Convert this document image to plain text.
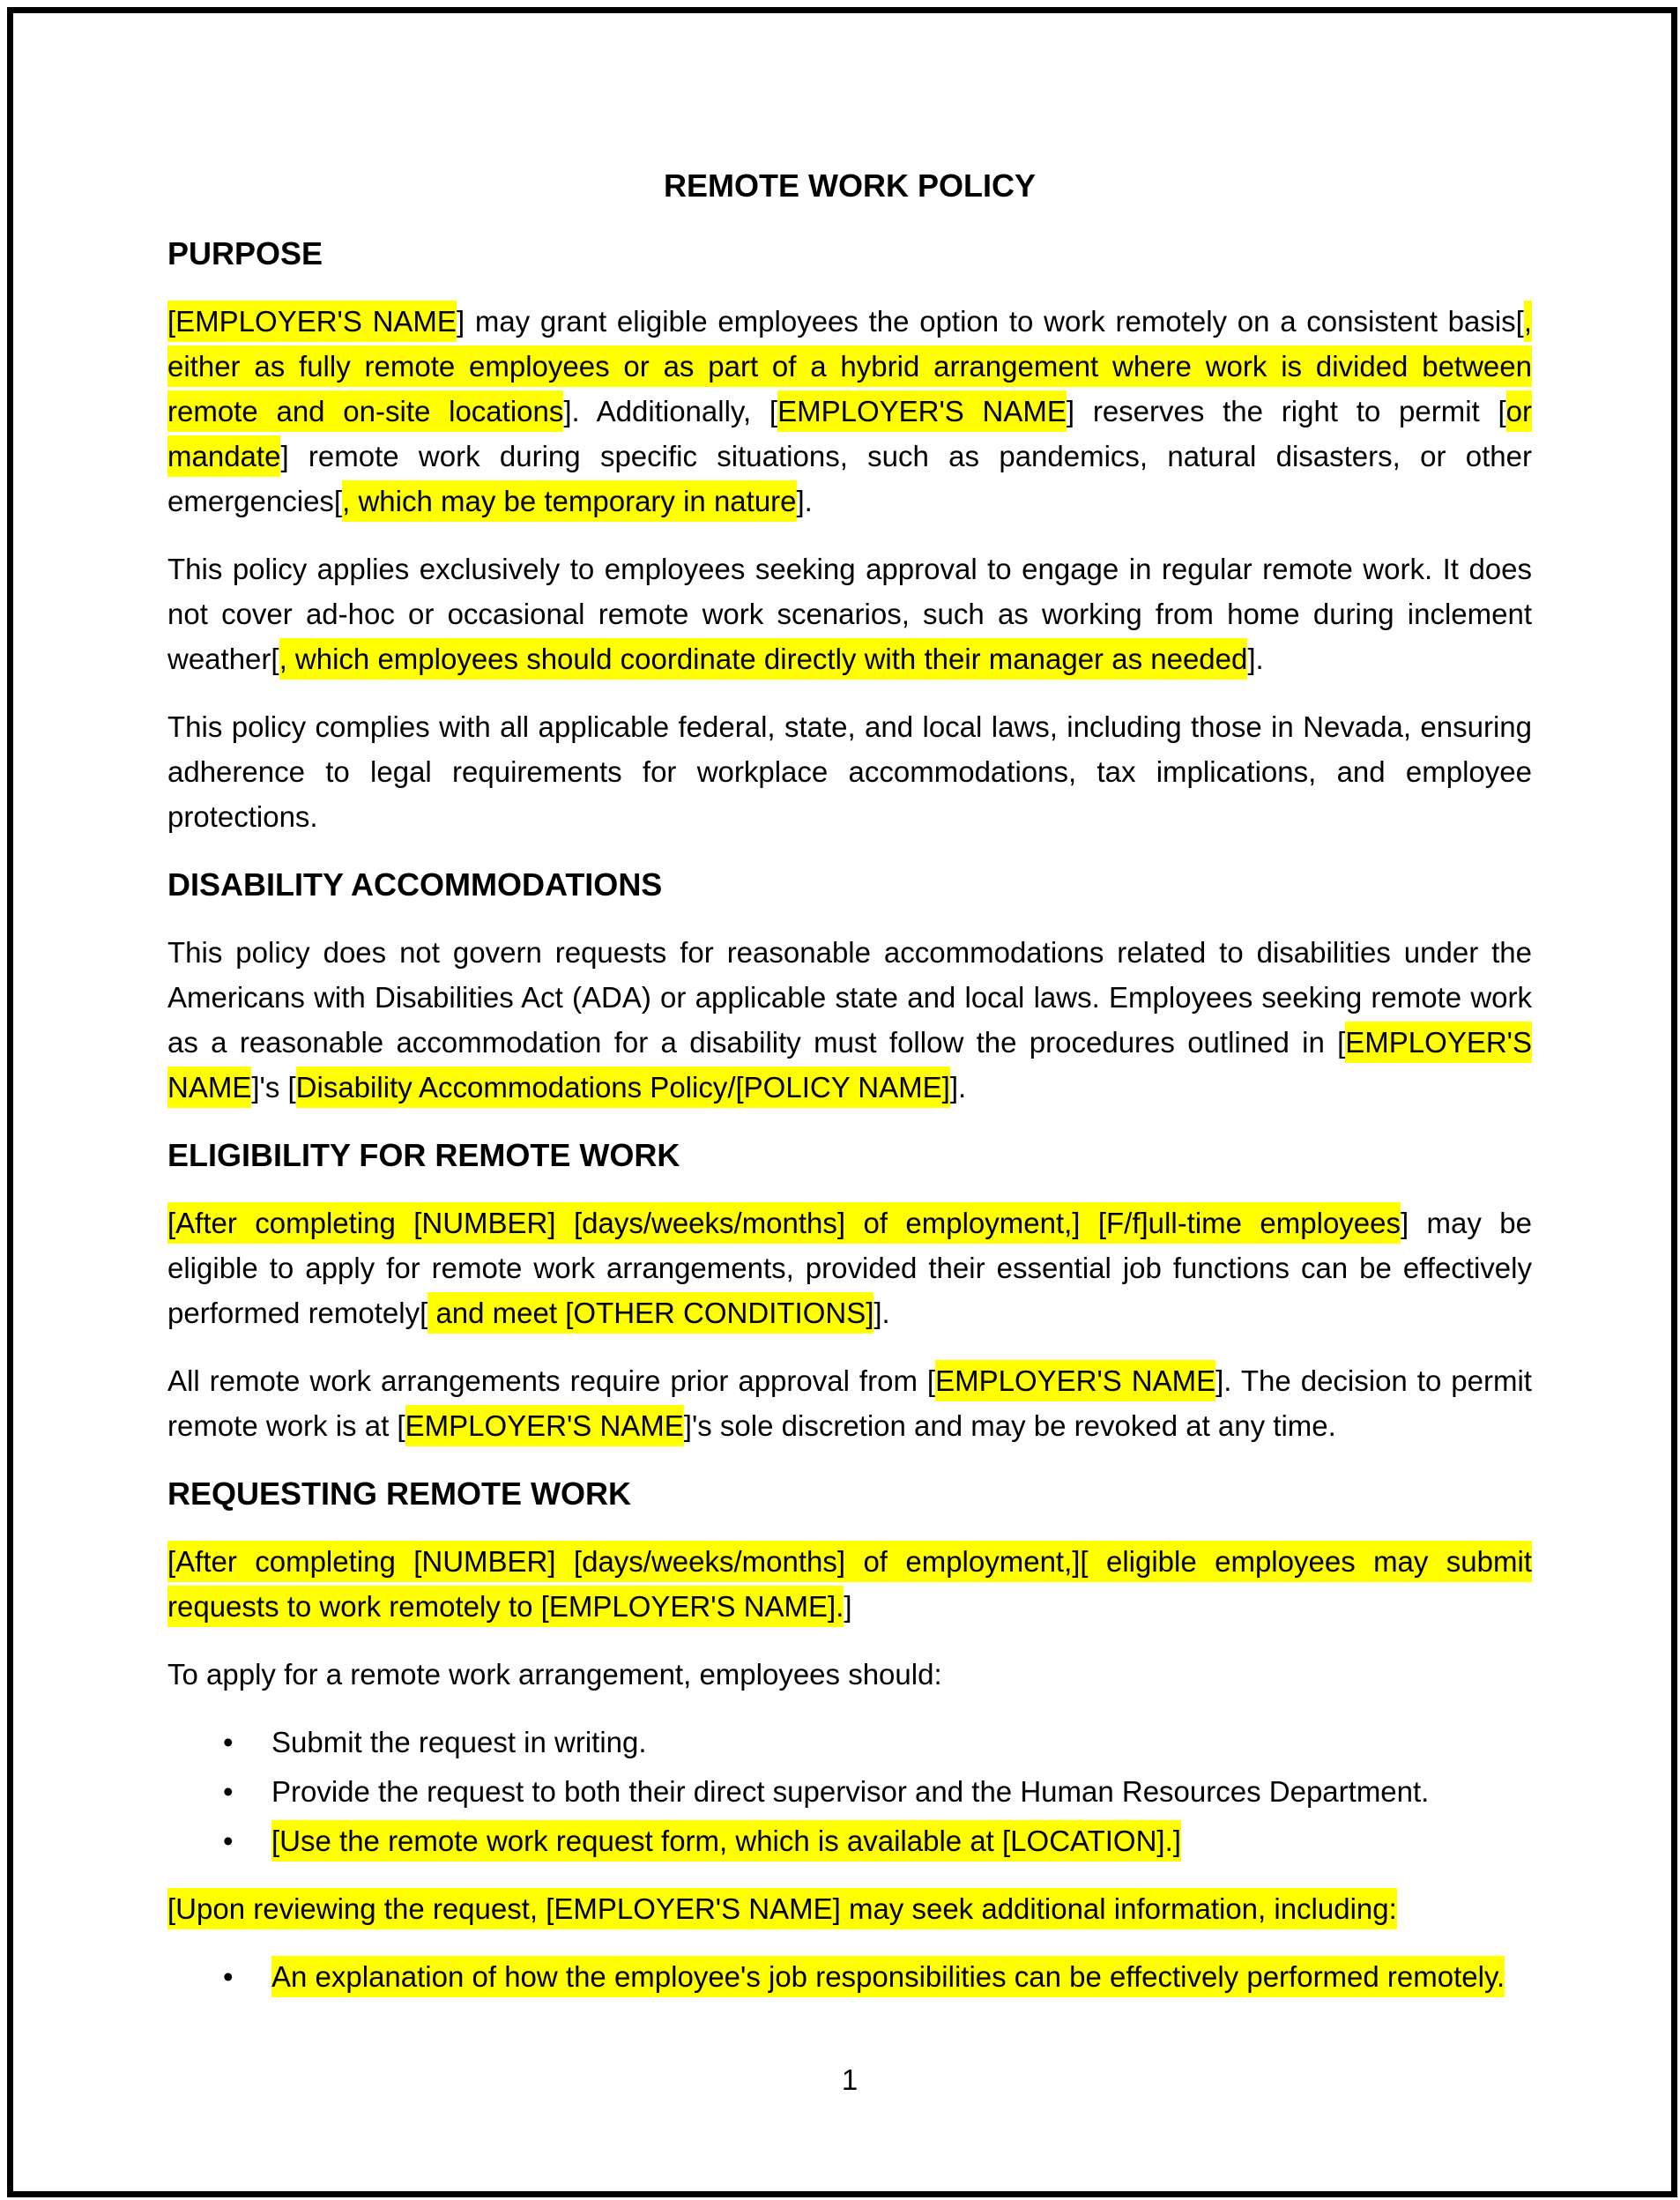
REMOTE WORK POLICY
PURPOSE

[EMPLOYER'S NAME] may grant eligible employees the option to work remotely on a consistent basis[, either as fully remote employees or as part of a hybrid arrangement where work is divided between remote and on-site locations]. Additionally, [EMPLOYER'S NAME] reserves the right to permit [or mandate] remote work during specific situations, such as pandemics, natural disasters, or other emergencies[, which may be temporary in nature].

This policy applies exclusively to employees seeking approval to engage in regular remote work. It does not cover ad-hoc or occasional remote work scenarios, such as working from home during inclement weather[, which employees should coordinate directly with their manager as needed].

This policy complies with all applicable federal, state, and local laws, including those in Nevada, ensuring adherence to legal requirements for workplace accommodations, tax implications, and employee protections.

DISABILITY ACCOMMODATIONS

This policy does not govern requests for reasonable accommodations related to disabilities under the Americans with Disabilities Act (ADA) or applicable state and local laws. Employees seeking remote work as a reasonable accommodation for a disability must follow the procedures outlined in [EMPLOYER'S NAME]'s [Disability Accommodations Policy/[POLICY NAME]].

ELIGIBILITY FOR REMOTE WORK

[After completing [NUMBER] [days/weeks/months] of employment,] [F/f]ull-time employees] may be eligible to apply for remote work arrangements, provided their essential job functions can be effectively performed remotely[ and meet [OTHER CONDITIONS]].

All remote work arrangements require prior approval from [EMPLOYER'S NAME]. The decision to permit remote work is at [EMPLOYER'S NAME]'s sole discretion and may be revoked at any time.

REQUESTING REMOTE WORK

[After completing [NUMBER] [days/weeks/months] of employment,][ eligible employees may submit requests to work remotely to [EMPLOYER'S NAME].]

To apply for a remote work arrangement, employees should:

• Submit the request in writing.
• Provide the request to both their direct supervisor and the Human Resources Department.
• [Use the remote work request form, which is available at [LOCATION].]

[Upon reviewing the request, [EMPLOYER'S NAME] may seek additional information, including:

• An explanation of how the employee's job responsibilities can be effectively performed remotely.
1
